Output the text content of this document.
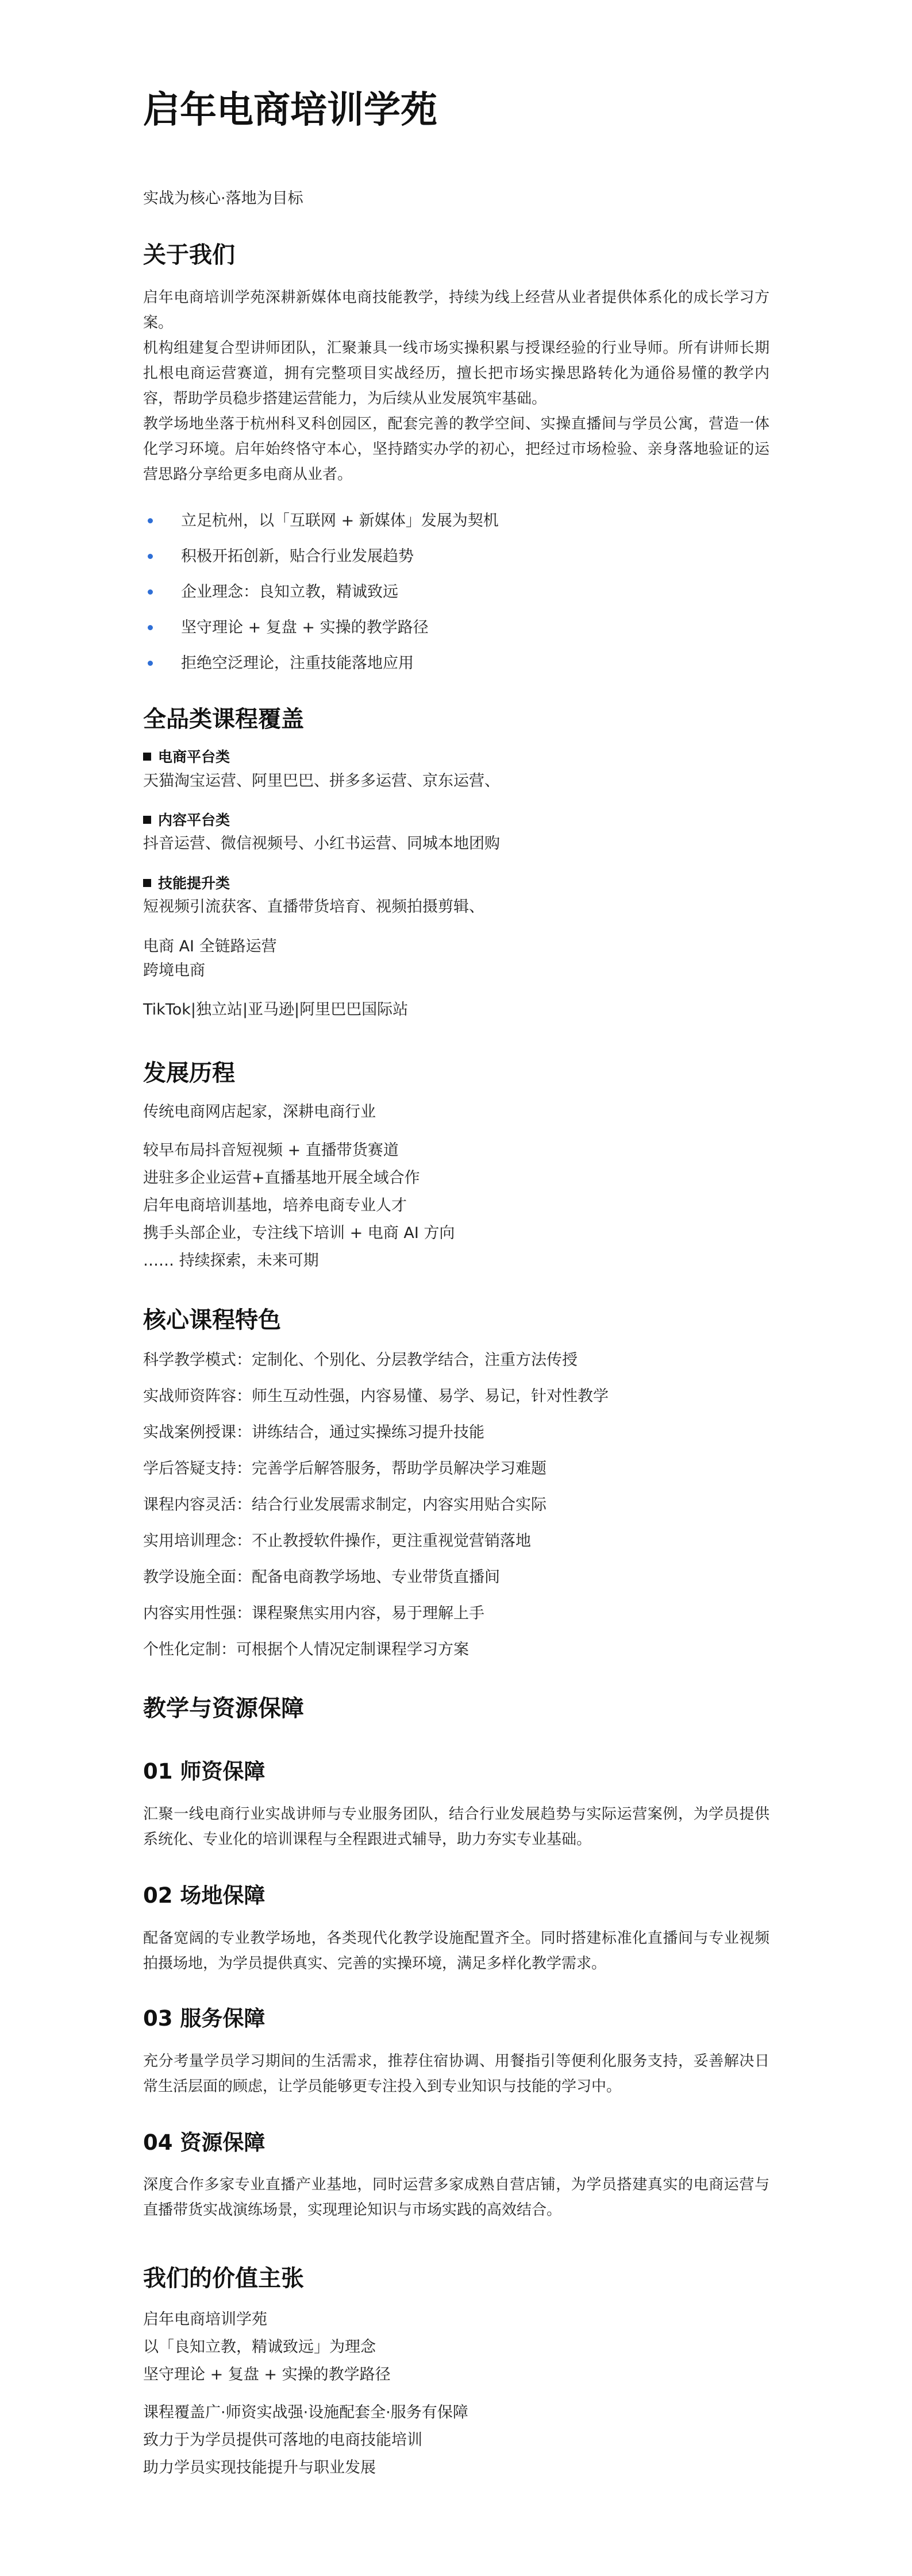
启年电商培训学苑
实战为核心·落地为目标
关于我们
启年电商培训学苑深耕新媒体电商技能教学，持续为线上经营从业者提供体系化的成长学习方案。
机构组建复合型讲师团队，汇聚兼具一线市场实操积累与授课经验的行业导师。所有讲师长期扎根电商运营赛道，拥有完整项目实战经历，擅长把市场实操思路转化为通俗易懂的教学内容，帮助学员稳步搭建运营能力，为后续从业发展筑牢基础。
教学场地坐落于杭州科叉科创园区，配套完善的教学空间、实操直播间与学员公寓，营造一体化学习环境。启年始终恪守本心，坚持踏实办学的初心，把经过市场检验、亲身落地验证的运营思路分享给更多电商从业者。
立足杭州，以「互联网 + 新媒体」发展为契机
积极开拓创新，贴合行业发展趋势
企业理念：良知立教，精诚致远
坚守理论 + 复盘 + 实操的教学路径
拒绝空泛理论，注重技能落地应用
全品类课程覆盖
电商平台类
天猫淘宝运营、阿里巴巴、拼多多运营、京东运营、
内容平台类
抖音运营、微信视频号、小红书运营、同城本地团购
技能提升类
短视频引流获客、直播带货培育、视频拍摄剪辑、
电商 AI 全链路运营
跨境电商
TikTok|独立站|亚马逊|阿里巴巴国际站
发展历程
传统电商网店起家，深耕电商行业
较早布局抖音短视频 + 直播带货赛道
进驻多企业运营+直播基地开展全域合作
启年电商培训基地，培养电商专业人才
携手头部企业，专注线下培训 + 电商 AI 方向
…… 持续探索，未来可期
核心课程特色
科学教学模式：定制化、个别化、分层教学结合，注重方法传授
实战师资阵容：师生互动性强，内容易懂、易学、易记，针对性教学
实战案例授课：讲练结合，通过实操练习提升技能
学后答疑支持：完善学后解答服务，帮助学员解决学习难题
课程内容灵活：结合行业发展需求制定，内容实用贴合实际
实用培训理念：不止教授软件操作，更注重视觉营销落地
教学设施全面：配备电商教学场地、专业带货直播间
内容实用性强：课程聚焦实用内容，易于理解上手
个性化定制：可根据个人情况定制课程学习方案
教学与资源保障
01 师资保障
汇聚一线电商行业实战讲师与专业服务团队，结合行业发展趋势与实际运营案例，为学员提供系统化、专业化的培训课程与全程跟进式辅导，助力夯实专业基础。
02 场地保障
配备宽阔的专业教学场地，各类现代化教学设施配置齐全。同时搭建标准化直播间与专业视频拍摄场地，为学员提供真实、完善的实操环境，满足多样化教学需求。
03 服务保障
充分考量学员学习期间的生活需求，推荐住宿协调、用餐指引等便利化服务支持，妥善解决日常生活层面的顾虑，让学员能够更专注投入到专业知识与技能的学习中。
04 资源保障
深度合作多家专业直播产业基地，同时运营多家成熟自营店铺，为学员搭建真实的电商运营与直播带货实战演练场景，实现理论知识与市场实践的高效结合。
我们的价值主张
启年电商培训学苑
以「良知立教，精诚致远」为理念
坚守理论 + 复盘 + 实操的教学路径
课程覆盖广·师资实战强·设施配套全·服务有保障
致力于为学员提供可落地的电商技能培训
助力学员实现技能提升与职业发展
